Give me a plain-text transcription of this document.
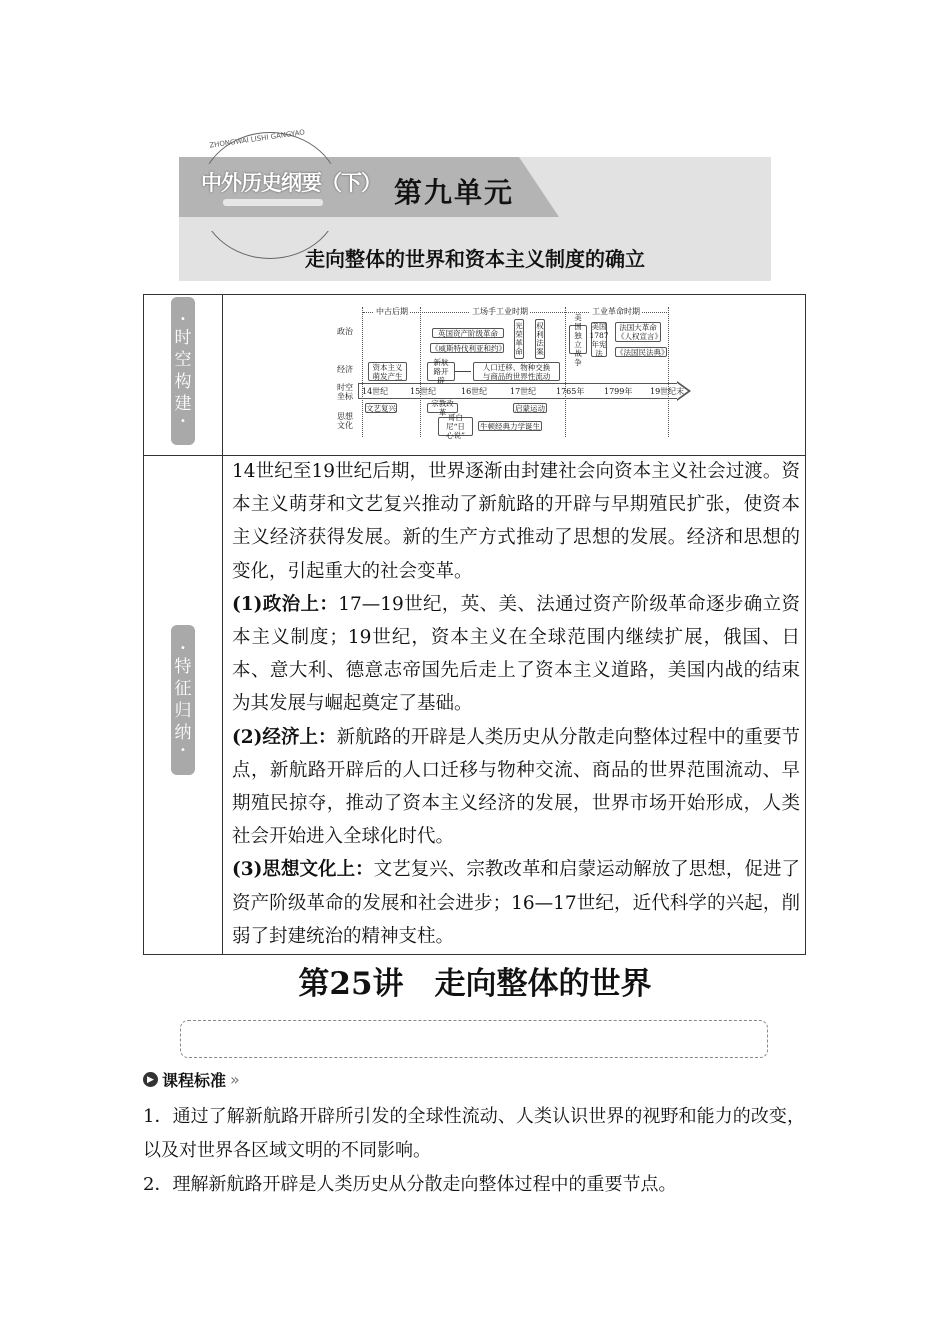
ZHONGWAI LISHI GANGYAO
中外历史纲要（下） 第九单元
走向整体的世界和资本主义制度的确立
•
时
空
构
建
•
•
特
征
归
纳
•
中古后期	工场手工业时期	工业革命时期
政治
经济
时空坐标
思想文化
14世纪	15世纪	16世纪	17世纪 1765年 1799年 19世纪末
英国资产阶级革命
《威斯特伐利亚和约》 光荣革命 权利法案
美国独立战争
美国1787年宪法
法国大革命《人权宣言》
《法国民法典》
资本主义萌发产生
新航路开辟
人口迁移、物种交换与商品的世界性流动
文艺复兴	宗教改革	启蒙运动
哥白尼“日心说”
牛顿经典力学诞生

14世纪至19世纪后期，世界逐渐由封建社会向资本主义社会过渡。资本主义萌芽和文艺复兴推动了新航路的开辟与早期殖民扩张，使资本主义经济获得发展。新的生产方式推动了思想的发展。经济和思想的变化，引起重大的社会变革。

(1)政治上：17—19世纪，英、美、法通过资产阶级革命逐步确立资本主义制度；19世纪，资本主义在全球范围内继续扩展，俄国、日本、意大利、德意志帝国先后走上了资本主义道路，美国内战的结束为其发展与崛起奠定了基础。

(2)经济上：新航路的开辟是人类历史从分散走向整体过程中的重要节点，新航路开辟后的人口迁移与物种交流、商品的世界范围流动、早期殖民掠夺，推动了资本主义经济的发展，世界市场开始形成，人类社会开始进入全球化时代。

(3)思想文化上：文艺复兴、宗教改革和启蒙运动解放了思想，促进了资产阶级革命的发展和社会进步；16—17世纪，近代科学的兴起，削弱了封建统治的精神支柱。

第25讲　走向整体的世界
▶ 课程标准 »

1．通过了解新航路开辟所引发的全球性流动、人类认识世界的视野和能力的改变，以及对世界各区域文明的不同影响。

2．理解新航路开辟是人类历史从分散走向整体过程中的重要节点。
